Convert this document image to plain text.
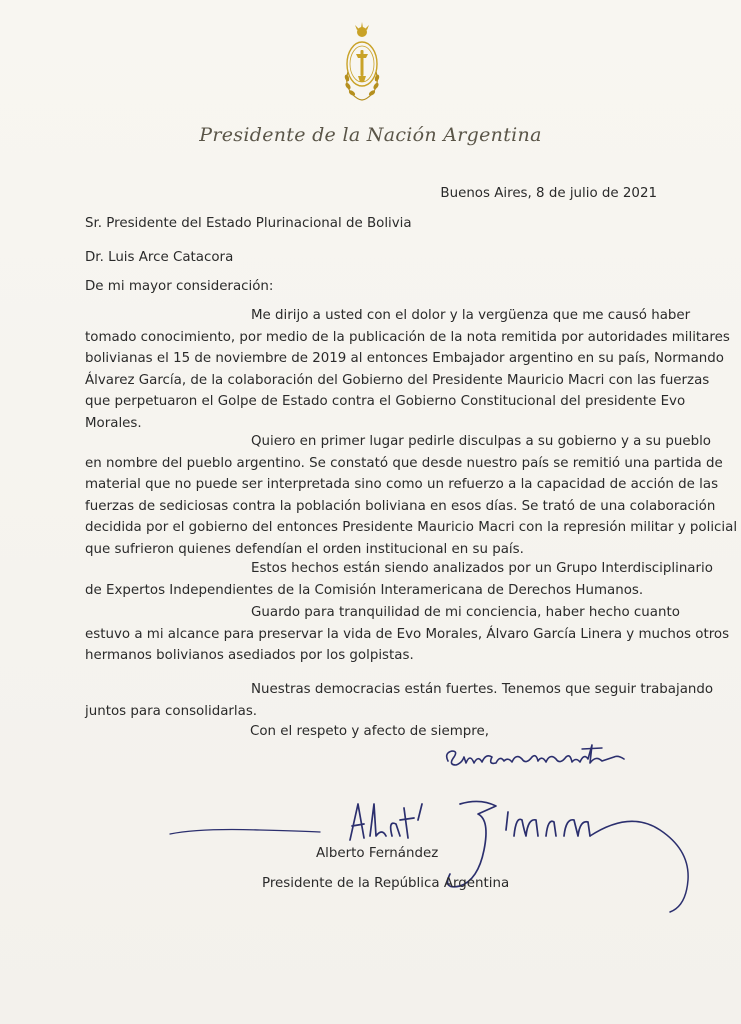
Presidente de la Nación Argentina
Buenos Aires, 8 de julio de 2021
Sr. Presidente del Estado Plurinacional de Bolivia
Dr. Luis Arce Catacora
De mi mayor consideración:
Me dirijo a usted con el dolor y la vergüenza que me causó haber
tomado conocimiento, por medio de la publicación de la nota remitida por autoridades militares
bolivianas el 15 de noviembre de 2019 al entonces Embajador argentino en su país, Normando
Álvarez García, de la colaboración del Gobierno del Presidente Mauricio Macri con las fuerzas
que perpetuaron el Golpe de Estado contra el Gobierno Constitucional del presidente Evo
Morales.
Quiero en primer lugar pedirle disculpas a su gobierno y a su pueblo
en nombre del pueblo argentino. Se constató que desde nuestro país se remitió una partida de
material que no puede ser interpretada sino como un refuerzo a la capacidad de acción de las
fuerzas de sediciosas contra la población boliviana en esos días. Se trató de una colaboración
decidida por el gobierno del entonces Presidente Mauricio Macri con la represión militar y policial
que sufrieron quienes defendían el orden institucional en su país.
Estos hechos están siendo analizados por un Grupo Interdisciplinario
de Expertos Independientes de la Comisión Interamericana de Derechos Humanos.
Guardo para tranquilidad de mi conciencia, haber hecho cuanto
estuvo a mi alcance para preservar la vida de Evo Morales, Álvaro García Linera y muchos otros
hermanos bolivianos asediados por los golpistas.
Nuestras democracias están fuertes. Tenemos que seguir trabajando
juntos para consolidarlas.
Con el respeto y afecto de siempre,
Alberto Fernández
Presidente de la República Argentina
